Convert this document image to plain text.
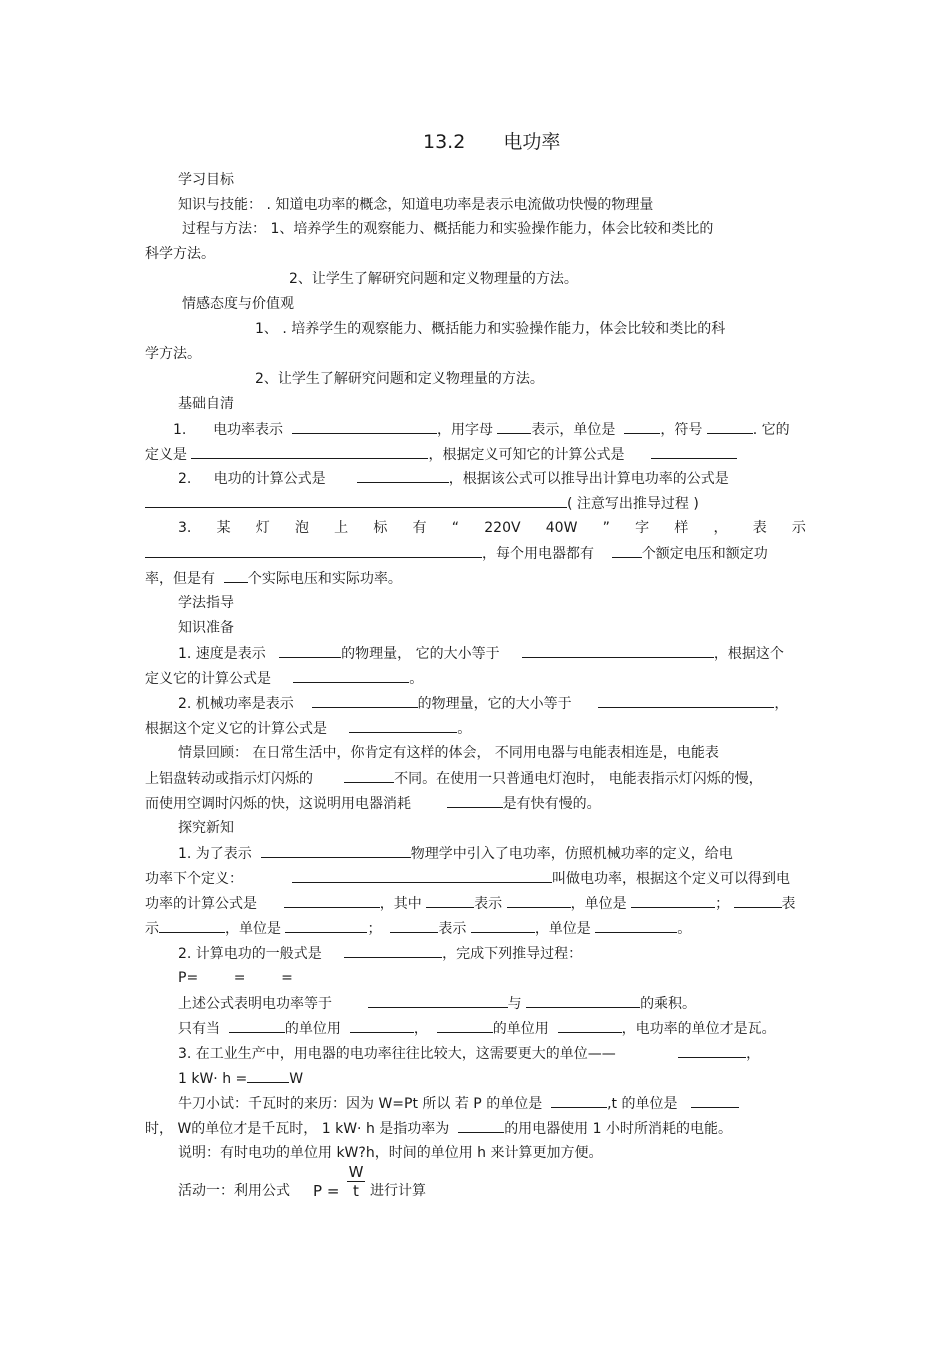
13.2 电功率
学习目标
知识与技能： . 知道电功率的概念，知道电功率是表示电流做功快慢的物理量
过程与方法： 1、培养学生的观察能力、概括能力和实验操作能力，体会比较和类比的
科学方法。
2、让学生了解研究问题和定义物理量的方法。
情感态度与价值观
1、 . 培养学生的观察能力、概括能力和实验操作能力，体会比较和类比的科
学方法。
2、让学生了解研究问题和定义物理量的方法。
基础自清
1. 电功率表示	，用字母	表示，单位是	，符号	. 它的
定义是	，根据定义可知它的计算公式是
2. 电功的计算公式是	，根据该公式可以推导出计算电功率的公式是
( 注意写出推导过程 )
3. 某 灯 泡 上 标 有 “ 220V 40W ” 字 样 ， 表 示
，每个用电器都有	个额定电压和额定功
率，但是有 个实际电压和实际功率。
学法指导
知识准备
1. 速度是表示	的物理量， 它的大小等于	，根据这个
定义它的计算公式是	。
2. 机械功率是表示	的物理量，它的大小等于	，
根据这个定义它的计算公式是	。
情景回顾： 在日常生活中，你肯定有这样的体会， 不同用电器与电能表相连是，电能表
上铝盘转动或指示灯闪烁的	不同。在使用一只普通电灯泡时， 电能表指示灯闪烁的慢，
而使用空调时闪烁的快，这说明用电器消耗	是有快有慢的。
探究新知
1. 为了表示	物理学中引入了电功率，仿照机械功率的定义，给电
功率下个定义：	叫做电功率，根据这个定义可以得到电
功率的计算公式是	，其中	表示	，单位是	；	表
示	，单位是	；	表示	，单位是	。
2. 计算电功的一般式是	，完成下列推导过程：
P=        =        =
上述公式表明电功率等于	与	的乘积。
只有当	的单位用	，	的单位用	，电功率的单位才是瓦。
3. 在工业生产中，用电器的电功率往往比较大，这需要更大的单位——	，
1 kW· h =	W
牛刀小试：千瓦时的来历：因为 W=Pt 所以 若 P 的单位是	,t 的单位是
时， W的单位才是千瓦时， 1 kW· h 是指功率为	的用电器使用 1 小时所消耗的电能。
说明：有时电功的单位用 kW?h，时间的单位用 h 来计算更加方便。
活动一：利用公式 P =
W
t 进行计算
